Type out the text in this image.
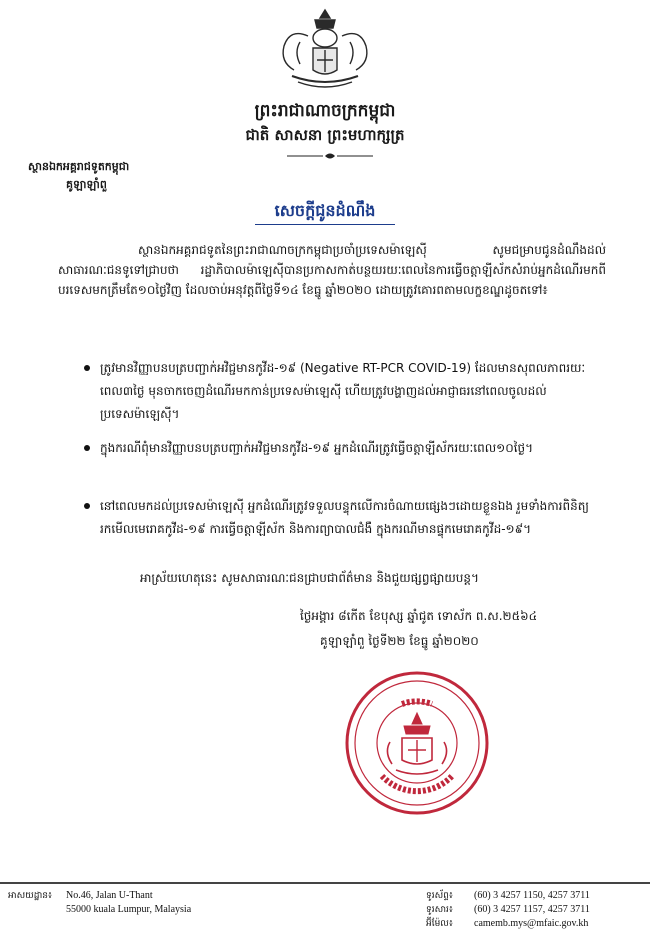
ព្រះរាជាណាចក្រកម្ពុជា
ជាតិ សាសនា ព្រះមហាក្សត្រ
ស្ថានឯកអគ្គរាជទូតកម្ពុជា
គូឡាឡាំពួ
សេចក្តីជូនដំណឹង
ស្ថានឯកអគ្គរាជទូតនៃព្រះរាជាណាចក្រកម្ពុជាប្រចាំប្រទេសម៉ាឡេស៊ី សូមជម្រាបជូនដំណឹងដល់សាធារណៈជនទូទៅជ្រាបថា រដ្ឋាភិបាលម៉ាឡេស៊ីបានប្រកាសកាត់បន្ថយរយៈពេលនៃការធ្វើចត្តាឡីស័កសំរាប់អ្នកដំណើរមកពីបរទេសមកត្រឹមតែ១០ថ្ងៃវិញ ដែលចាប់អនុវត្តពីថ្ងៃទី១៤ ខែធ្នូ ឆ្នាំ២០២០ ដោយត្រូវគោរពតាមលក្ខខណ្ឌដូចតទៅ៖
ត្រូវមានវិញ្ញាបនបត្របញ្ជាក់អវិជ្ជមានកូវីដ-១៩ (Negative RT-PCR COVID-19) ដែលមានសុពលភាពរយៈពេល៣ថ្ងៃ មុនចាកចេញដំណើរមកកាន់ប្រទេសម៉ាឡេស៊ី ហើយត្រូវបង្ហាញដល់អាជ្ញាធរនៅពេលចូលដល់ប្រទេសម៉ាឡេស៊ី។
ក្នុងករណីពុំមានវិញ្ញាបនបត្របញ្ជាក់អវិជ្ជមានកូវីដ-១៩ អ្នកដំណើរត្រូវធ្វើចត្តាឡីស័ករយៈពេល១០ថ្ងៃ។
នៅពេលមកដល់ប្រទេសម៉ាឡេស៊ី អ្នកដំណើរត្រូវទទួលបន្ទុកលើការចំណាយផ្សេងៗដោយខ្លួនឯង រួមទាំងការពិនិត្យរកមើលមេរោគកូវីដ-១៩ ការធ្វើចត្តាឡីស័ក និងការព្យាបាលជំងឺ ក្នុងករណីមានផ្ទុកមេរោគកូវីដ-១៩។
អាស្រ័យហេតុនេះ សូមសាធារណៈជនជ្រាបជាព័ត៌មាន និងជួយផ្សព្វផ្សាយបន្ត។
ថ្ងៃអង្គារ ៨កើត ខែបុស្ស ឆ្នាំជូត ទោស័ក ព.ស.២៥៦៤
គូឡាឡាំពួ ថ្ងៃទី២២ ខែធ្នូ ឆ្នាំ២០២០
អាសយដ្ឋាន៖ No.46, Jalan U-Thant
55000 kuala Lumpur, Malaysia
ទូរស័ព្ទ៖ (60) 3 4257 1150, 4257 3711
ទូរសារ៖ (60) 3 4257 1157, 4257 3711
អ៊ីម៉ែល៖ camemb.mys@mfaic.gov.kh
